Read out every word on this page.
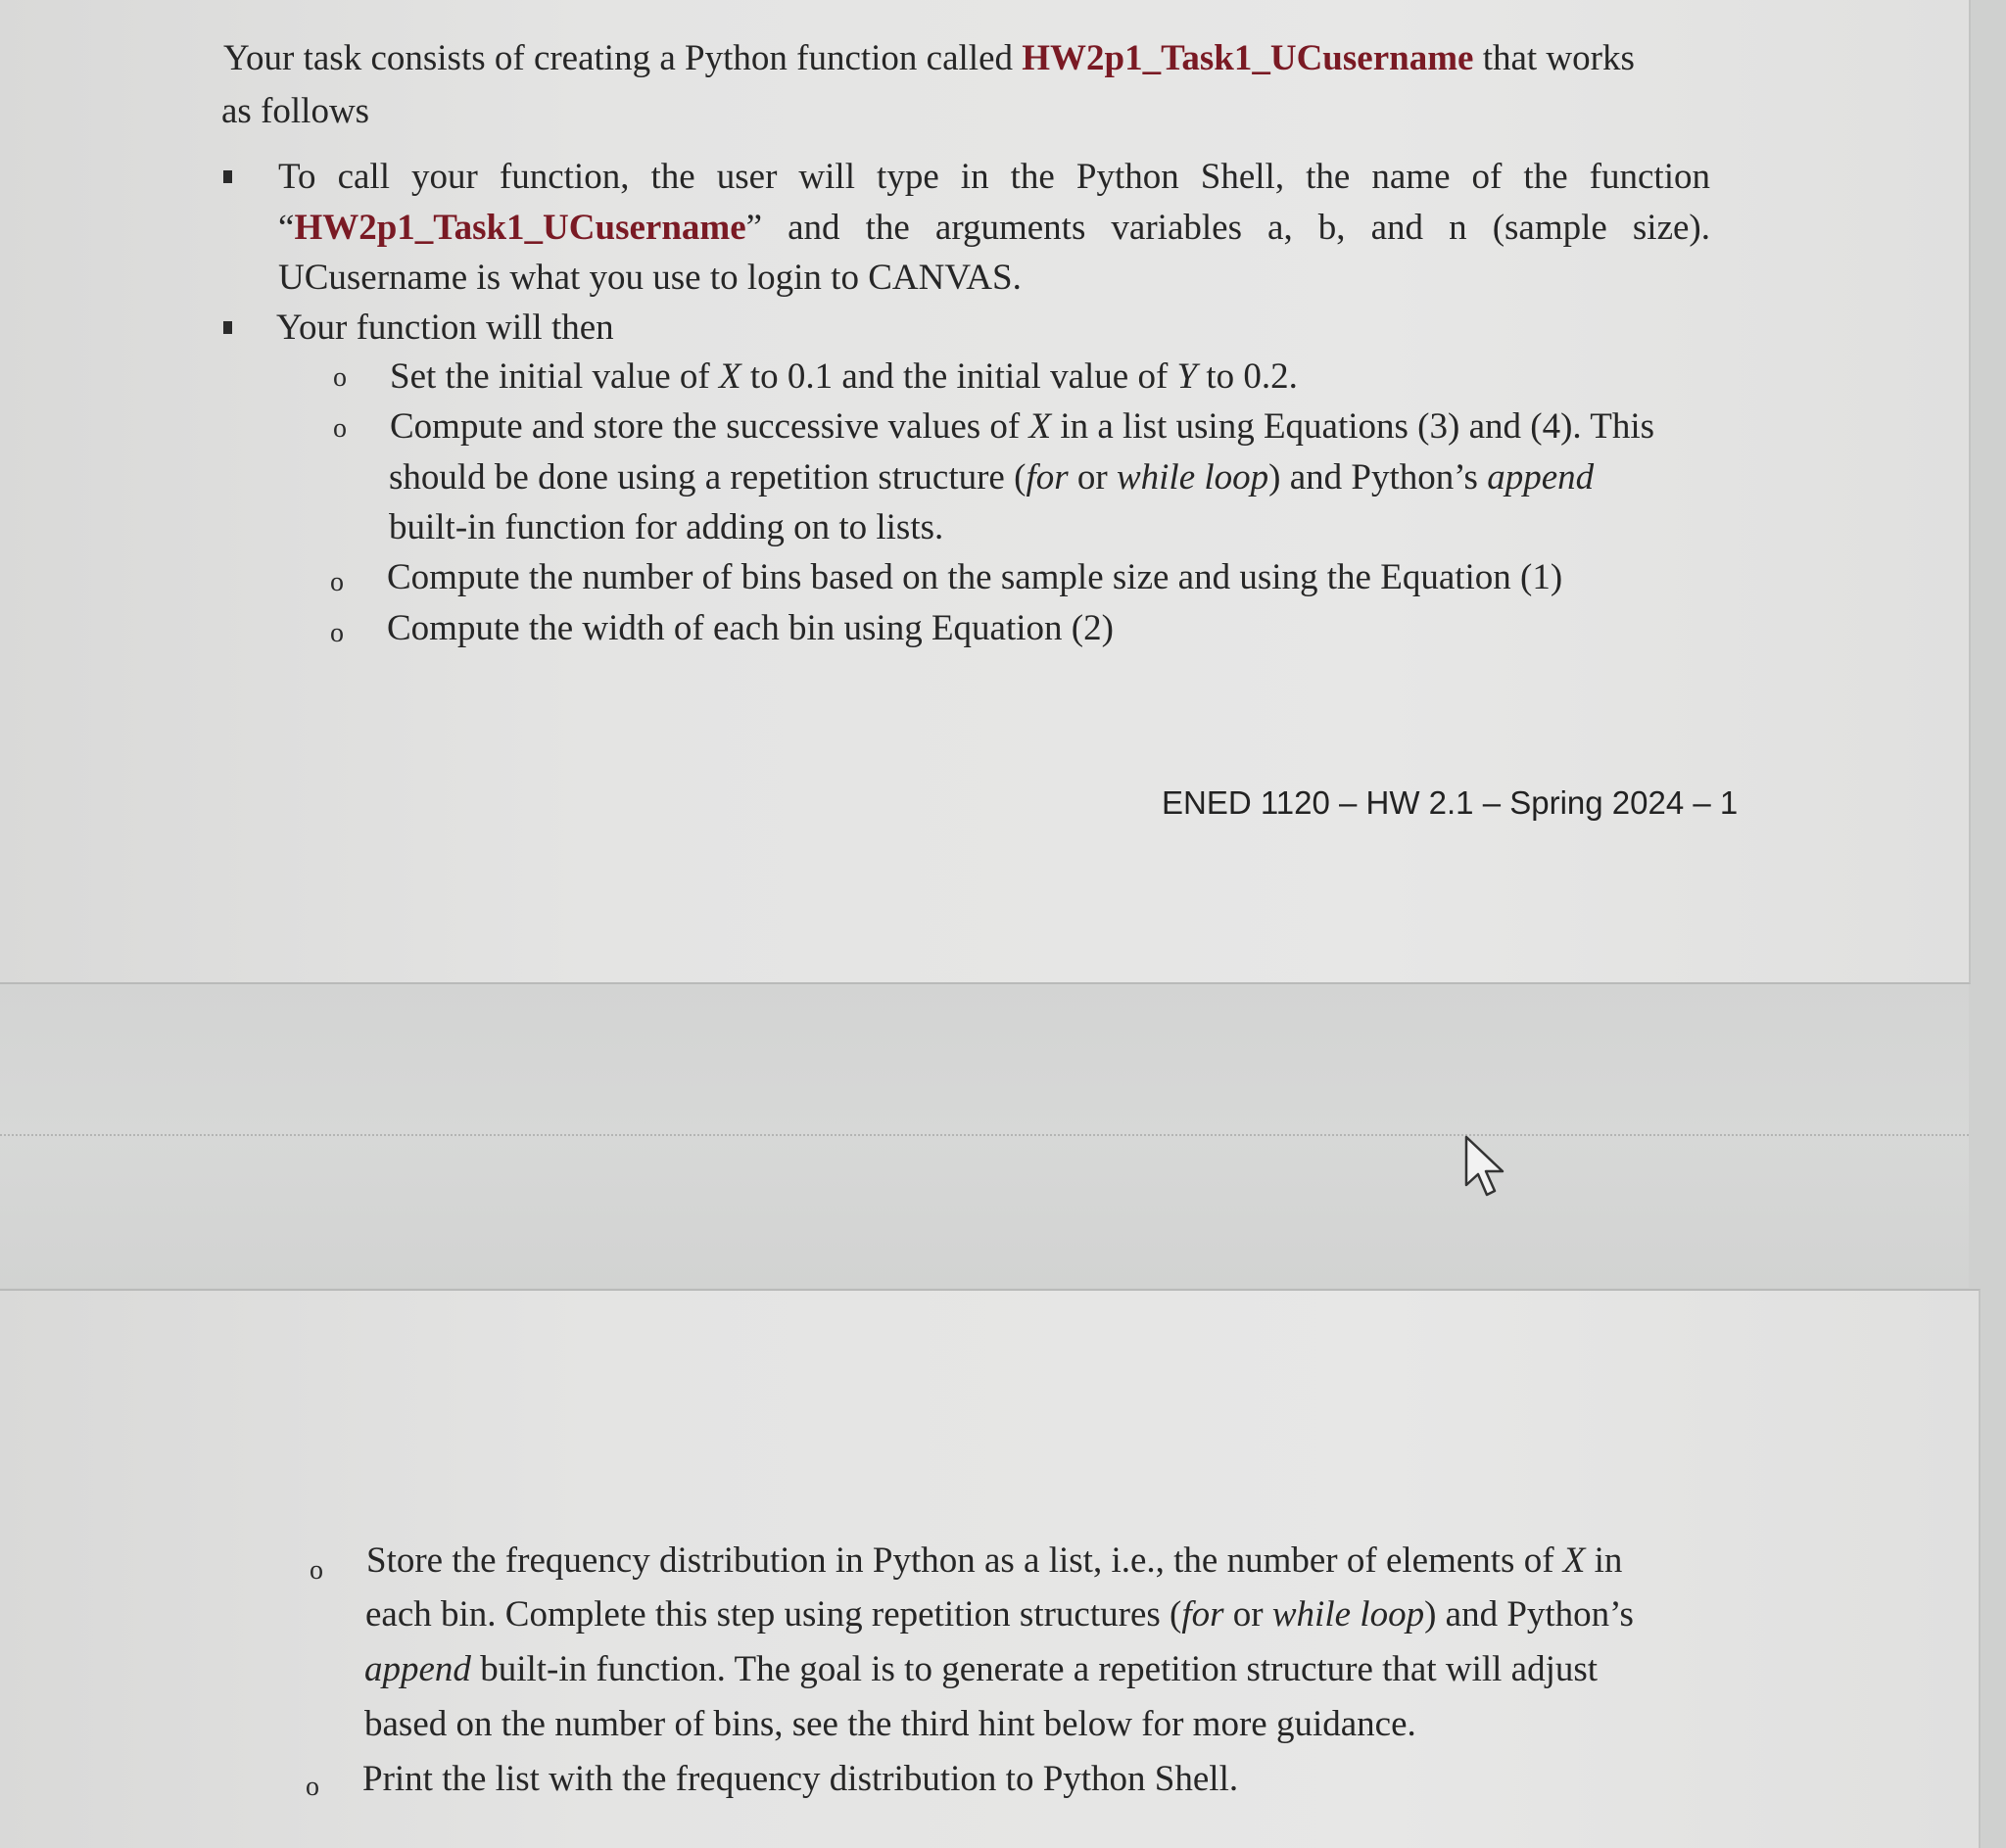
Your task consists of creating a Python function called HW2p1_Task1_UCusername that works
as follows
To call your function, the user will type in the Python Shell, the name of the function
“HW2p1_Task1_UCusername” and the arguments variables a, b, and n (sample size).
UCusername is what you use to login to CANVAS.
Your function will then
o Set the initial value of X to 0.1 and the initial value of Y to 0.2.
o Compute and store the successive values of X in a list using Equations (3) and (4). This
should be done using a repetition structure (for or while loop) and Python’s append
built-in function for adding on to lists.
o Compute the number of bins based on the sample size and using the Equation (1)
o Compute the width of each bin using Equation (2)
ENED 1120 – HW 2.1 – Spring 2024 – 1
o Store the frequency distribution in Python as a list, i.e., the number of elements of X in
each bin. Complete this step using repetition structures (for or while loop) and Python’s
append built-in function. The goal is to generate a repetition structure that will adjust
based on the number of bins, see the third hint below for more guidance.
o Print the list with the frequency distribution to Python Shell.
